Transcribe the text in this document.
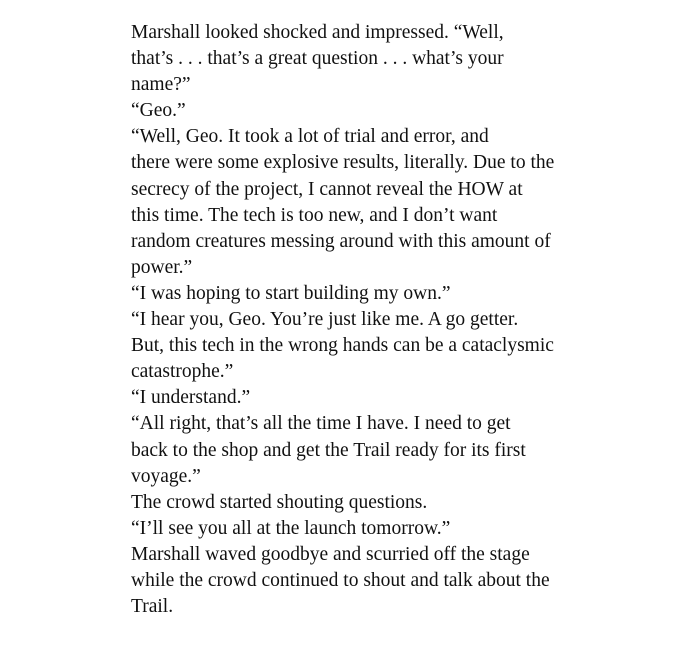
Marshall looked shocked and impressed. “Well,
that’s . . . that’s a great question . . . what’s your
name?”

“Geo.”

“Well, Geo. It took a lot of trial and error, and
there were some explosive results, literally. Due to the
secrecy of the project, I cannot reveal the HOW at
this time. The tech is too new, and I don’t want
random creatures messing around with this amount of
power.”

“I was hoping to start building my own.”

“I hear you, Geo. You’re just like me. A go getter.
But, this tech in the wrong hands can be a cataclysmic
catastrophe.”

“I understand.”

“All right, that’s all the time I have. I need to get
back to the shop and get the Trail ready for its first
voyage.”

The crowd started shouting questions.

“I’ll see you all at the launch tomorrow.”

Marshall waved goodbye and scurried off the stage
while the crowd continued to shout and talk about the
Trail.
